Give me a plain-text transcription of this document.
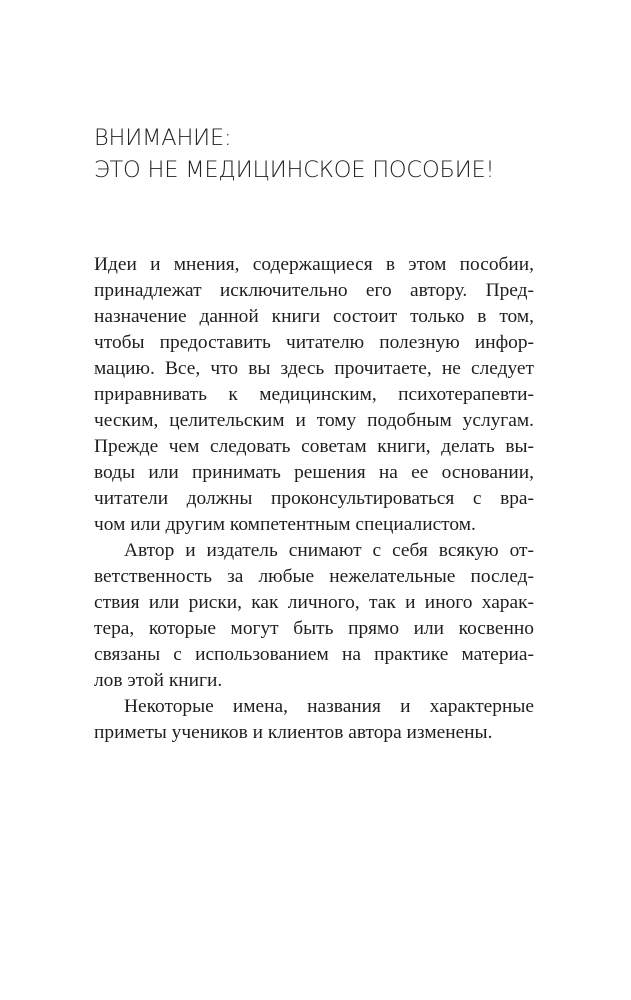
ВНИМАНИЕ:
ЭТО НЕ МЕДИЦИНСКОЕ ПОСОБИЕ!

Идеи и мнения, содержащиеся в этом пособии,
принадлежат исключительно его автору. Пред-
назначение данной книги состоит только в том,
чтобы предоставить читателю полезную инфор-
мацию. Все, что вы здесь прочитаете, не следует
приравнивать к медицинским, психотерапевти-
ческим, целительским и тому подобным услугам.
Прежде чем следовать советам книги, делать вы-
воды или принимать решения на ее основании,
читатели должны проконсультироваться с вра-
чом или другим компетентным специалистом.

Автор и издатель снимают с себя всякую от-
ветственность за любые нежелательные послед-
ствия или риски, как личного, так и иного харак-
тера, которые могут быть прямо или косвенно
связаны с использованием на практике материа-
лов этой книги.

Некоторые имена, названия и характерные
приметы учеников и клиентов автора изменены.
